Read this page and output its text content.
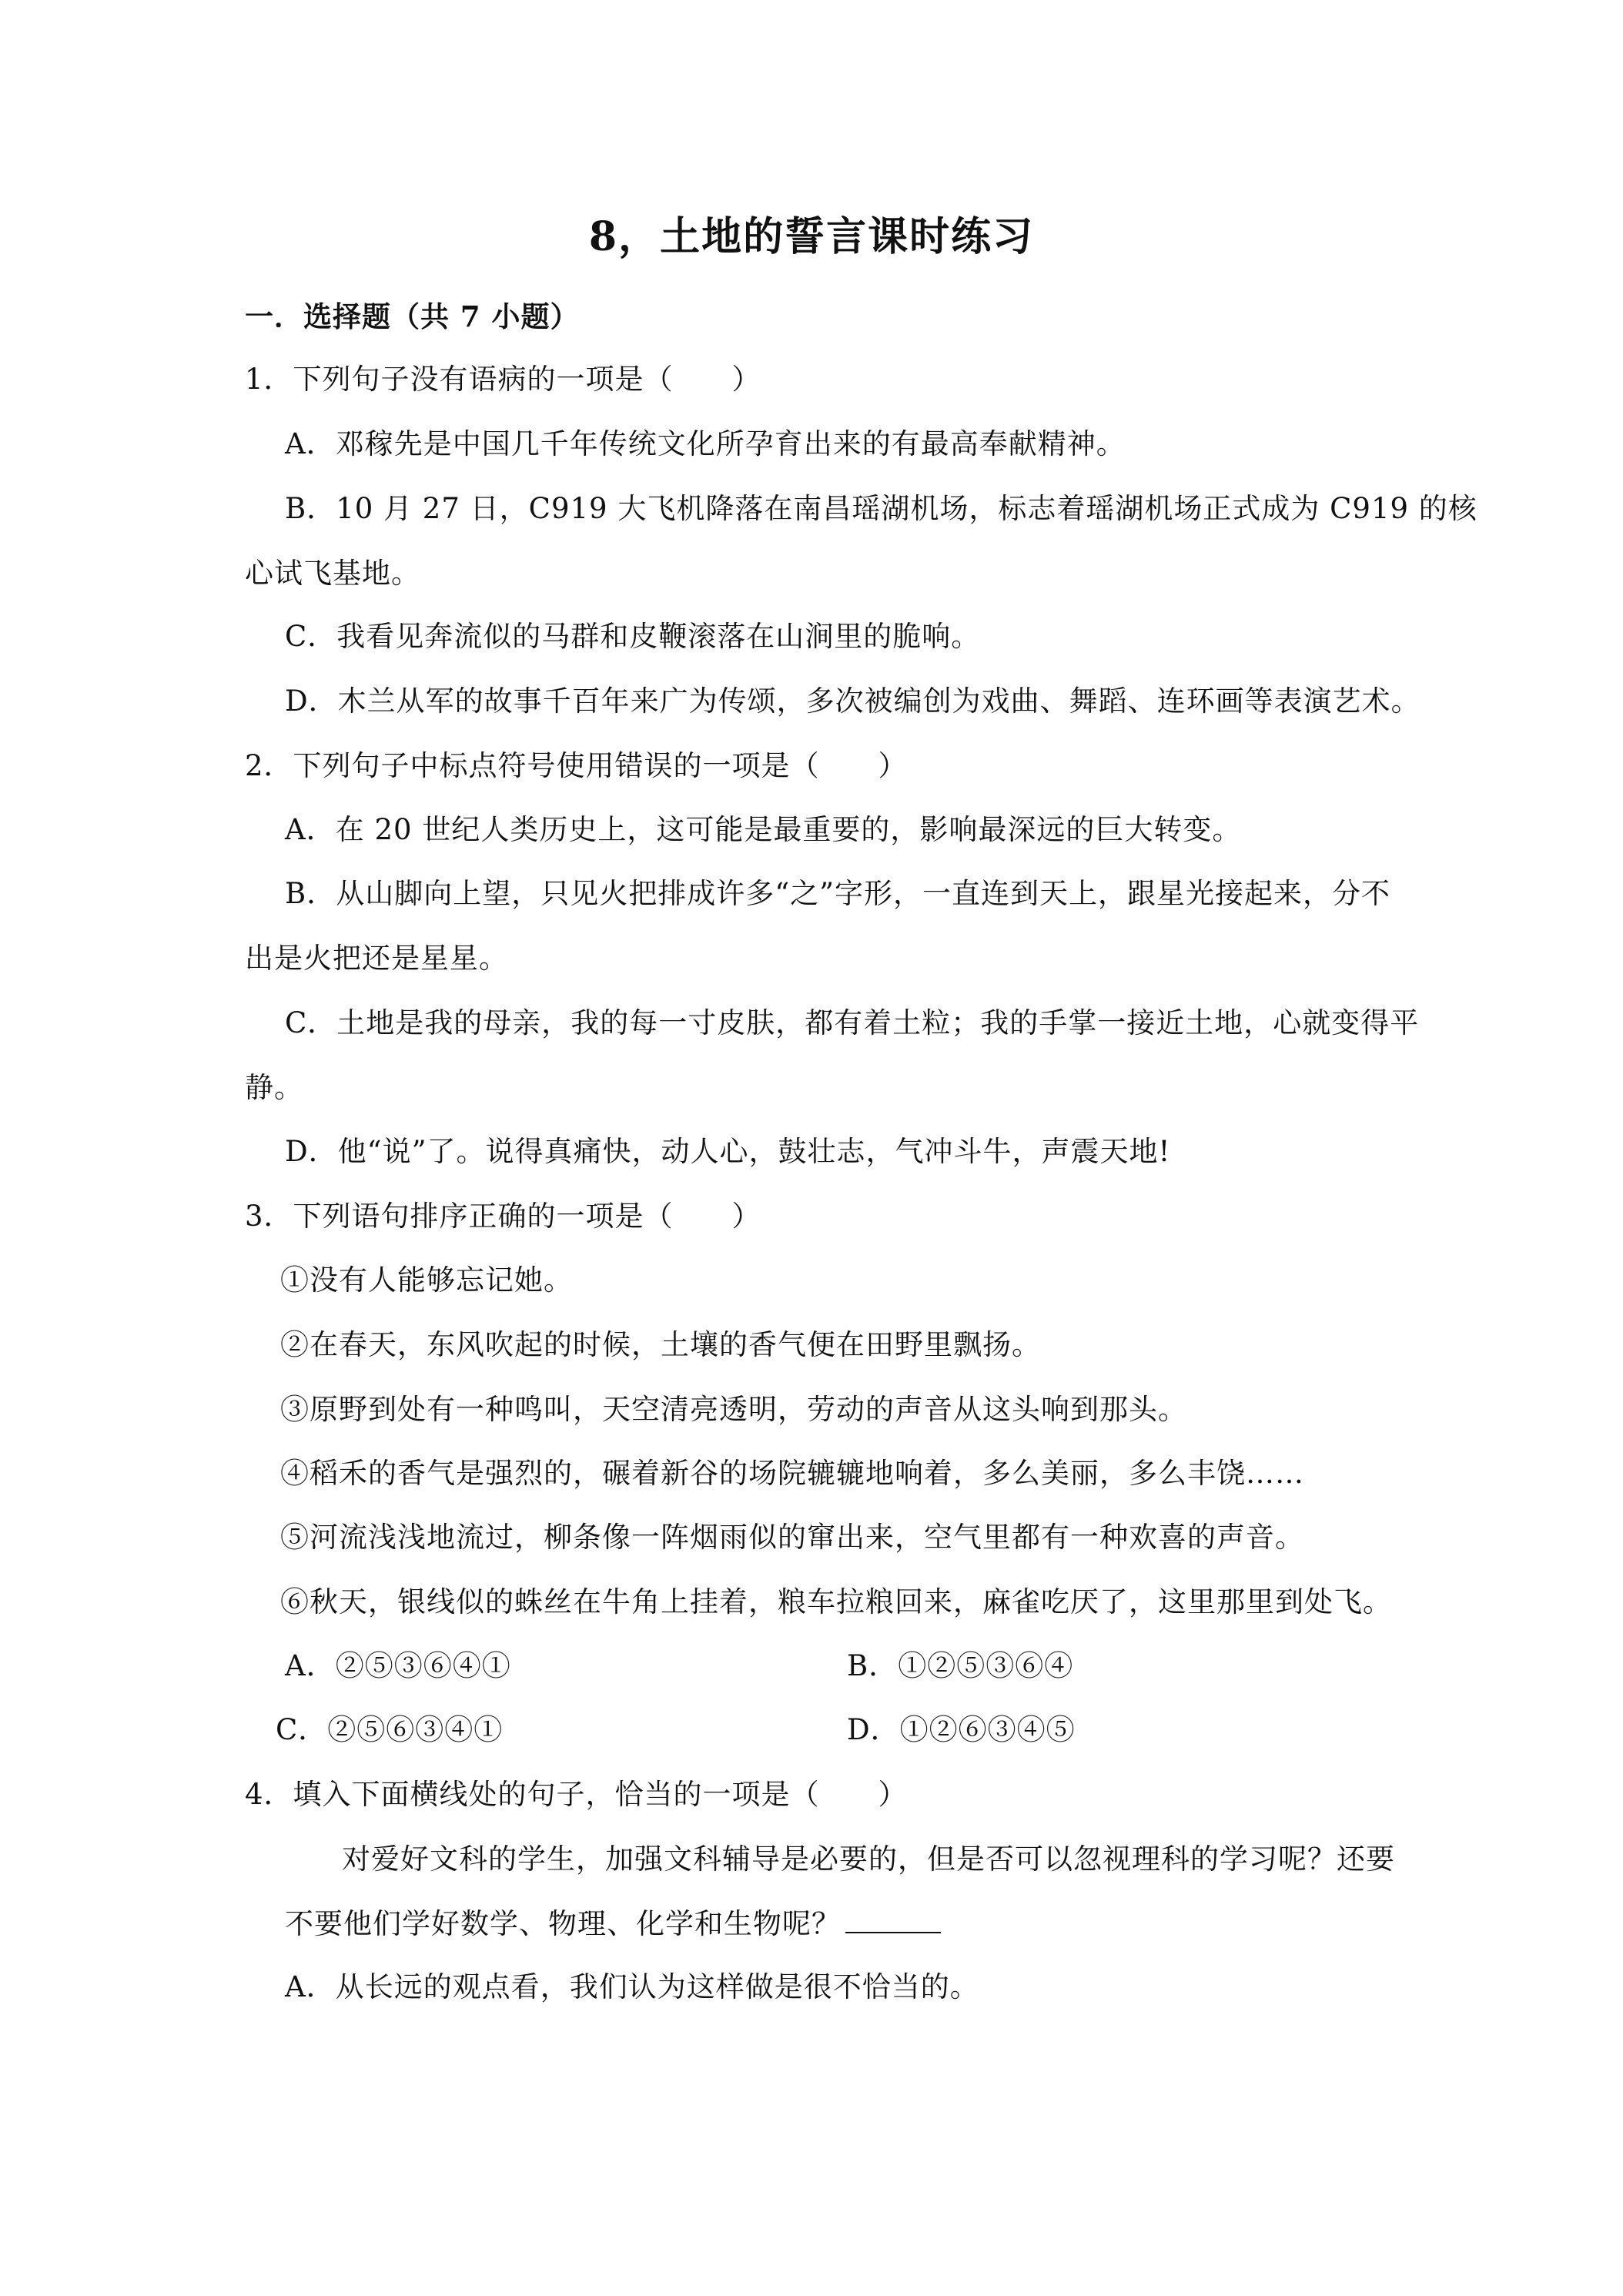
8，土地的誓言课时练习
一．选择题（共 7 小题）
1．下列句子没有语病的一项是（　　）
A．邓稼先是中国几千年传统文化所孕育出来的有最高奉献精神。
B．10 月 27 日，C919 大飞机降落在南昌瑶湖机场，标志着瑶湖机场正式成为 C919 的核
心试飞基地。
C．我看见奔流似的马群和皮鞭滚落在山涧里的脆响。
D．木兰从军的故事千百年来广为传颂，多次被编创为戏曲、舞蹈、连环画等表演艺术。
2．下列句子中标点符号使用错误的一项是（　　）
A．在 20 世纪人类历史上，这可能是最重要的，影响最深远的巨大转变。
B．从山脚向上望，只见火把排成许多“之”字形，一直连到天上，跟星光接起来，分不
出是火把还是星星。
C．土地是我的母亲，我的每一寸皮肤，都有着土粒；我的手掌一接近土地，心就变得平
静。
D．他“说”了。说得真痛快，动人心，鼓壮志，气冲斗牛，声震天地!
3．下列语句排序正确的一项是（　　）
①没有人能够忘记她。
②在春天，东风吹起的时候，土壤的香气便在田野里飘扬。
③原野到处有一种鸣叫，天空清亮透明，劳动的声音从这头响到那头。
④稻禾的香气是强烈的，碾着新谷的场院辘辘地响着，多么美丽，多么丰饶……
⑤河流浅浅地流过，柳条像一阵烟雨似的窜出来，空气里都有一种欢喜的声音。
⑥秋天，银线似的蛛丝在牛角上挂着，粮车拉粮回来，麻雀吃厌了，这里那里到处飞。
A．②⑤③⑥④①	B．①②⑤③⑥④
C．②⑤⑥③④①	D．①②⑥③④⑤
4．填入下面横线处的句子，恰当的一项是（　　）
对爱好文科的学生，加强文科辅导是必要的，但是否可以忽视理科的学习呢？还要
不要他们学好数学、物理、化学和生物呢？
A．从长远的观点看，我们认为这样做是很不恰当的。
